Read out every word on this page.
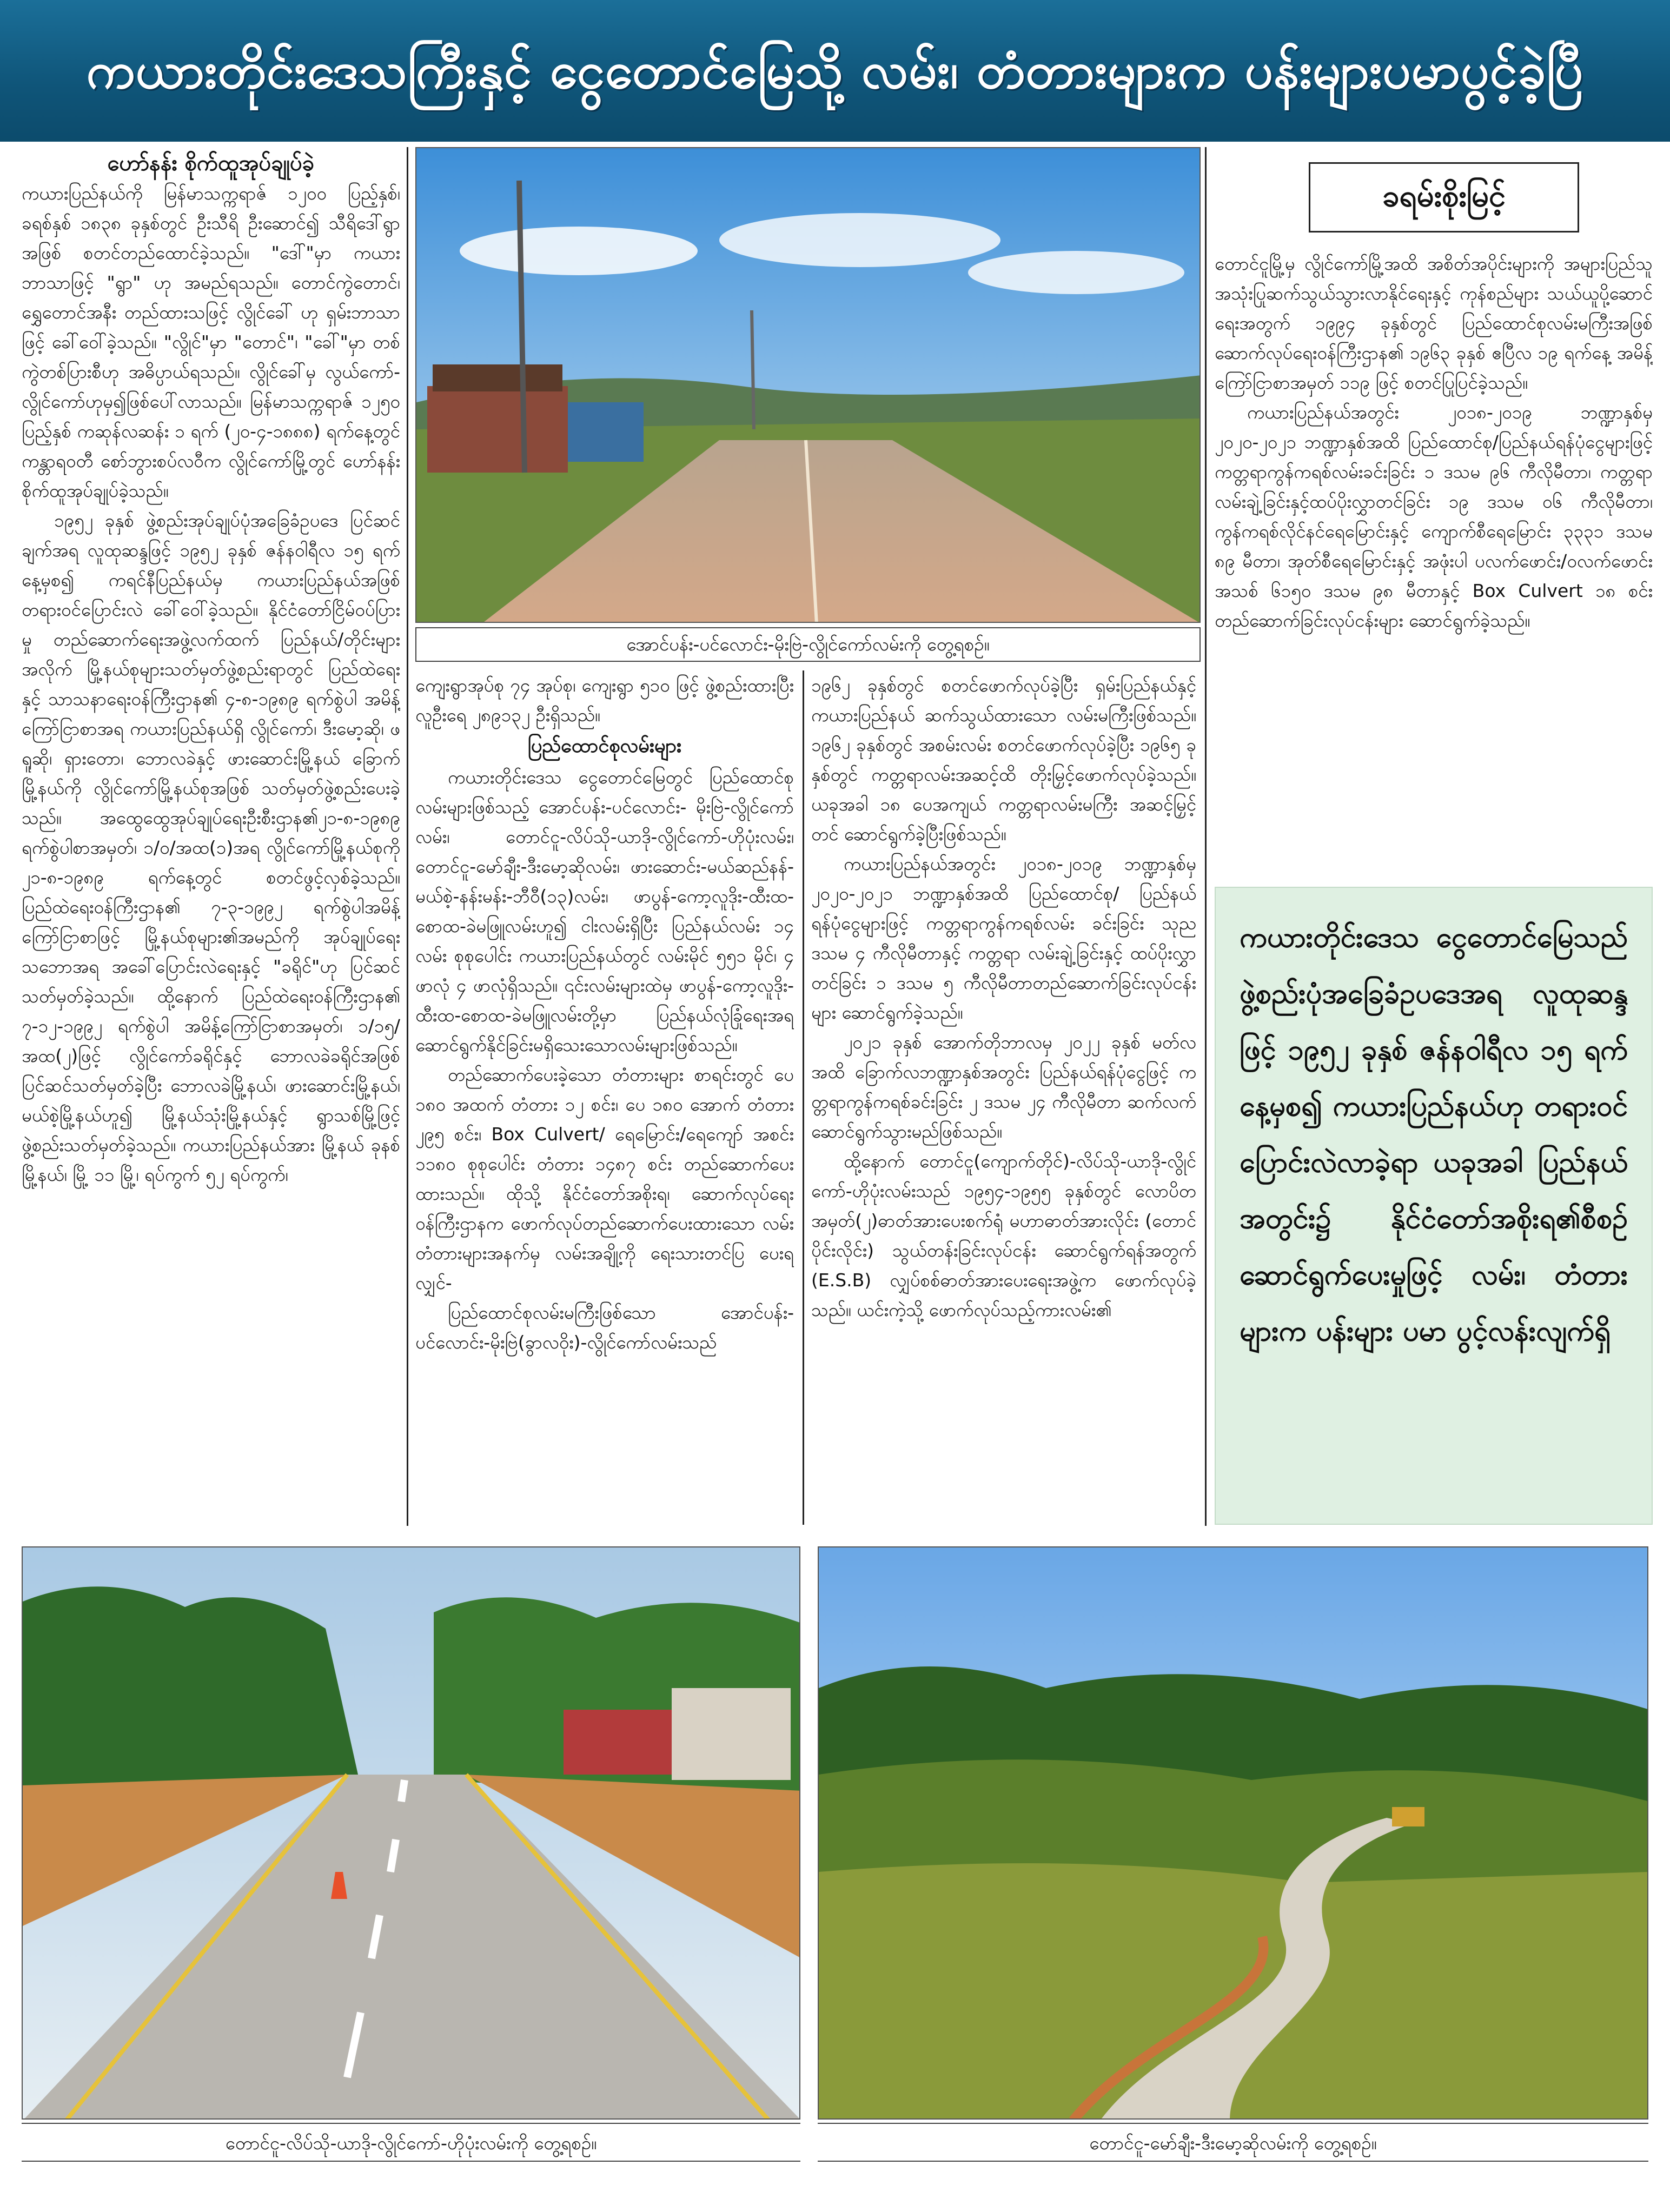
ကယားတိုင်းဒေသကြီးနှင့် ငွေတောင်မြေသို့ လမ်း၊ တံတားများက ပန်းများပမာပွင့်ခဲ့ပြီ
ဟော်နန်း စိုက်ထူအုပ်ချုပ်ခဲ့

ကယားပြည်နယ်ကို မြန်မာသက္ကရာဇ် ၁၂၀၀ ပြည့်နှစ်၊ ခရစ်နှစ် ၁၈၃၈ ခုနှစ်တွင် ဦးသီရိ ဦးဆောင်၍ သီရိဒေါ်ရွာအဖြစ် စတင်တည်ထောင်ခဲ့သည်။ "ဒေါ်"မှာ ကယားဘာသာဖြင့် "ရွာ" ဟု အမည်ရသည်။ တောင်ကွဲတောင်၊ ရွှေတောင်အနီး တည်ထားသဖြင့် လွိုင်ခေါ် ဟု ရှမ်းဘာသာဖြင့် ခေါ်ဝေါ်ခဲ့သည်။ "လွိုင်"မှာ "တောင်"၊ "ခေါ်"မှာ တစ်ကွဲတစ်ပြားစီဟု အဓိပ္ပာယ်ရသည်။ လွိုင်ခေါ်မှ လွယ်ကော်-လွိုင်ကော်ဟုမှ၍ဖြစ်ပေါ်လာသည်။ မြန်မာသက္ကရာဇ် ၁၂၅၀ ပြည့်နှစ် ကဆုန်လဆန်း ၁ ရက် (၂၀-၄-၁၈၈၈) ရက်နေ့တွင် ကန္တာရဝတီ စော်ဘွားစပ်လဝီက လွိုင်ကော်မြို့တွင် ဟော်နန်း စိုက်ထူအုပ်ချုပ်ခဲ့သည်။

၁၉၅၂ ခုနှစ် ဖွဲ့စည်းအုပ်ချုပ်ပုံအခြေခံဥပဒေ ပြင်ဆင်ချက်အရ လူထုဆန္ဒဖြင့် ၁၉၅၂ ခုနှစ် ဇန်နဝါရီလ ၁၅ ရက်နေ့မှစ၍ ကရင်နီပြည်နယ်မှ ကယားပြည်နယ်အဖြစ် တရားဝင်ပြောင်းလဲ ခေါ်ဝေါ်ခဲ့သည်။ နိုင်ငံတော်ငြိမ်ဝပ်ပြားမှု တည်ဆောက်ရေးအဖွဲ့လက်ထက် ပြည်နယ်/တိုင်းများအလိုက် မြို့နယ်စုများသတ်မှတ်ဖွဲ့စည်းရာတွင် ပြည်ထဲရေးနှင့် သာသနာရေးဝန်ကြီးဌာန၏ ၄-၈-၁၉၈၉ ရက်စွဲပါ အမိန့်ကြော်ငြာစာအရ ကယားပြည်နယ်ရှိ လွိုင်ကော်၊ ဒီးမော့ဆို၊ ဖရူဆို၊ ရှားတော၊ ဘောလခဲနှင့် ဖားဆောင်းမြို့နယ် ခြောက်မြို့နယ်ကို လွိုင်ကော်မြို့နယ်စုအဖြစ် သတ်မှတ်ဖွဲ့စည်းပေးခဲ့သည်။ အထွေထွေအုပ်ချုပ်ရေးဦးစီးဌာန၏၂၁-၈-၁၉၈၉ ရက်စွဲပါစာအမှတ်၊ ၁/၀/အထ(၁)အရ လွိုင်ကော်မြို့နယ်စုကို ၂၁-၈-၁၉၈၉ ရက်နေ့တွင် စတင်ဖွင့်လှစ်ခဲ့သည်။ ပြည်ထဲရေးဝန်ကြီးဌာန၏ ၇-၃-၁၉၉၂ ရက်စွဲပါအမိန့်ကြော်ငြာစာဖြင့် မြို့နယ်စုများ၏အမည်ကို အုပ်ချုပ်ရေးသဘောအရ အခေါ်ပြောင်းလဲရေးနှင့် "ခရိုင်"ဟု ပြင်ဆင်သတ်မှတ်ခဲ့သည်။ ထို့နောက် ပြည်ထဲရေးဝန်ကြီးဌာန၏ ၇-၁၂-၁၉၉၂ ရက်စွဲပါ အမိန့်ကြော်ငြာစာအမှတ်၊ ၁/၁၅/အထ(၂)ဖြင့် လွိုင်ကော်ခရိုင်နှင့် ဘောလခဲခရိုင်အဖြစ် ပြင်ဆင်သတ်မှတ်ခဲ့ပြီး ဘောလခဲမြို့နယ်၊ ဖားဆောင်းမြို့နယ်၊ မယ်စဲ့မြို့နယ်ဟူ၍ မြို့နယ်သုံးမြို့နယ်နှင့် ရွာသစ်မြို့ဖြင့် ဖွဲ့စည်းသတ်မှတ်ခဲ့သည်။ ကယားပြည်နယ်အား မြို့နယ် ခုနစ်မြို့နယ်၊ မြို့ ၁၁ မြို့၊ ရပ်ကွက် ၅၂ ရပ်ကွက်၊

အောင်ပန်း-ပင်လောင်း-မိုးဗြဲ-လွိုင်ကော်လမ်းကို တွေ့ရစဉ်။

ကျေးရွာအုပ်စု ၇၄ အုပ်စု၊ ကျေးရွာ ၅၁၀ ဖြင့် ဖွဲ့စည်းထားပြီး လူဦးရေ ၂၈၉၁၃၂ ဦးရှိသည်။

ပြည်ထောင်စုလမ်းများ

ကယားတိုင်းဒေသ ငွေတောင်မြေတွင် ပြည်ထောင်စုလမ်းများဖြစ်သည့် အောင်ပန်း-ပင်လောင်း- မိုးဗြဲ-လွိုင်ကော်လမ်း၊ တောင်ငူ-လိပ်သို-ယာဒို-လွိုင်ကော်-ဟိုပုံးလမ်း၊ တောင်ငူ-မော်ချီး-ဒီးမော့ဆိုလမ်း၊ ဖားဆောင်း-မယ်ဆည်နန်-မယ်စဲ့-နန်းမန်း-ဘီဝီ(၁၃)လမ်း၊ ဖာပွန်-ကော့လူဒိုး-ထီးထ-စောထ-ခဲမဖြူလမ်းဟူ၍ ငါးလမ်းရှိပြီး ပြည်နယ်လမ်း ၁၄ လမ်း စုစုပေါင်း ကယားပြည်နယ်တွင် လမ်းမိုင် ၅၅၁ မိုင်၊ ၄ ဖာလုံ ၄ ဖာလုံရှိသည်။ ၎င်းလမ်းများထဲမှ ဖာပွန်-ကော့လူဒိုး-ထီးထ-စောထ-ခဲမဖြူလမ်းတို့မှာ ပြည်နယ်လုံခြုံရေးအရ ဆောင်ရွက်နိုင်ခြင်းမရှိသေးသောလမ်းများဖြစ်သည်။

တည်ဆောက်ပေးခဲ့သော တံတားများ စာရင်းတွင် ပေ ၁၈၀ အထက် တံတား ၁၂ စင်း၊ ပေ ၁၈၀ အောက် တံတား ၂၉၅ စင်း၊ Box Culvert/ ရေမြောင်း/ရေကျော် အစင်း ၁၁၈၀ စုစုပေါင်း တံတား ၁၄၈၇ စင်း တည်ဆောက်ပေးထားသည်။ ထိုသို့ နိုင်ငံတော်အစိုးရ၊ ဆောက်လုပ်ရေးဝန်ကြီးဌာနက ဖောက်လုပ်တည်ဆောက်ပေးထားသော လမ်း တံတားများအနက်မှ လမ်းအချို့ကို ရေးသားတင်ပြ ပေးရလျှင်-

ပြည်ထောင်စုလမ်းမကြီးဖြစ်သော အောင်ပန်း-ပင်လောင်း-မိုးဗြဲ(ခွာလဝိုး)-လွိုင်ကော်လမ်းသည်

၁၉၆၂ ခုနှစ်တွင် စတင်ဖောက်လုပ်ခဲ့ပြီး ရှမ်းပြည်နယ်နှင့် ကယားပြည်နယ် ဆက်သွယ်ထားသော လမ်းမကြီးဖြစ်သည်။ ၁၉၆၂ ခုနှစ်တွင် အစမ်းလမ်း စတင်ဖောက်လုပ်ခဲ့ပြီး ၁၉၆၅ ခုနှစ်တွင် ကတ္တရာလမ်းအဆင့်ထိ တိုးမြှင့်ဖောက်လုပ်ခဲ့သည်။ ယခုအခါ ၁၈ ပေအကျယ် ကတ္တရာလမ်းမကြီး အဆင့်မြှင့်တင် ဆောင်ရွက်ခဲ့ပြီးဖြစ်သည်။

ကယားပြည်နယ်အတွင်း ၂၀၁၈-၂၀၁၉ ဘဏ္ဍာနှစ်မှ ၂၀၂၀-၂၀၂၁ ဘဏ္ဍာနှစ်အထိ ပြည်ထောင်စု/ ပြည်နယ်ရန်ပုံငွေများဖြင့် ကတ္တရာကွန်ကရစ်လမ်း ခင်းခြင်း သုည ဒသမ ၄ ကီလိုမီတာနှင့် ကတ္တရာ လမ်းချဲ့ခြင်းနှင့် ထပ်ပိုးလွှာတင်ခြင်း ၁ ဒသမ ၅ ကီလိုမီတာတည်ဆောက်ခြင်းလုပ်ငန်းများ ဆောင်ရွက်ခဲ့သည်။

၂၀၂၁ ခုနှစ် အောက်တိုဘာလမှ ၂၀၂၂ ခုနှစ် မတ်လအထိ ခြောက်လဘဏ္ဍာနှစ်အတွင်း ပြည်နယ်ရန်ပုံငွေဖြင့် ကတ္တရာကွန်ကရစ်ခင်းခြင်း ၂ ဒသမ ၂၄ ကီလိုမီတာ ဆက်လက်ဆောင်ရွက်သွားမည်ဖြစ်သည်။

ထို့နောက် တောင်ငူ(ကျောက်တိုင်)-လိပ်သို-ယာဒို-လွိုင်ကော်-ဟိုပုံးလမ်းသည် ၁၉၅၄-၁၉၅၅ ခုနှစ်တွင် လောပိတအမှတ်(၂)ဓာတ်အားပေးစက်ရုံ မဟာဓာတ်အားလိုင်း (တောင်ပိုင်းလိုင်း) သွယ်တန်းခြင်းလုပ်ငန်း ဆောင်ရွက်ရန်အတွက် (E.S.B) လျှပ်စစ်ဓာတ်အားပေးရေးအဖွဲ့က ဖောက်လုပ်ခဲ့သည်။ ယင်းကဲ့သို့ ဖောက်လုပ်သည့်ကားလမ်း၏

ခရမ်းစိုးမြင့်

တောင်ငူမြို့မှ လွိုင်ကော်မြို့အထိ အစိတ်အပိုင်းများကို အများပြည်သူအသုံးပြုဆက်သွယ်သွားလာနိုင်ရေးနှင့် ကုန်စည်များ သယ်ယူပို့ဆောင်ရေးအတွက် ၁၉၉၄ ခုနှစ်တွင် ပြည်ထောင်စုလမ်းမကြီးအဖြစ် ဆောက်လုပ်ရေးဝန်ကြီးဌာန၏ ၁၉၆၃ ခုနှစ် ဧပြီလ ၁၉ ရက်နေ့ အမိန့်ကြော်ငြာစာအမှတ် ၁၁၉ ဖြင့် စတင်ပြုပြင်ခဲ့သည်။

ကယားပြည်နယ်အတွင်း ၂၀၁၈-၂၀၁၉ ဘဏ္ဍာနှစ်မှ ၂၀၂၀-၂၀၂၁ ဘဏ္ဍာနှစ်အထိ ပြည်ထောင်စု/ပြည်နယ်ရန်ပုံငွေများဖြင့် ကတ္တရာကွန်ကရစ်လမ်းခင်းခြင်း ၁ ဒသမ ၉၆ ကီလိုမီတာ၊ ကတ္တရာလမ်းချဲ့ခြင်းနှင့်ထပ်ပိုးလွှာတင်ခြင်း ၁၉ ဒသမ ၀၆ ကီလိုမီတာ၊ ကွန်ကရစ်လိုင်နင်ရေမြောင်းနှင့် ကျောက်စီရေမြောင်း ၃၃၃၁ ဒသမ ၈၉ မီတာ၊ အုတ်စီရေမြောင်းနှင့် အဖုံးပါ ပလက်ဖောင်း/ဝလက်ဖောင်းအသစ် ၆၁၅၀ ဒသမ ၉၈ မီတာနှင့် Box Culvert ၁၈ စင်း တည်ဆောက်ခြင်းလုပ်ငန်းများ ဆောင်ရွက်ခဲ့သည်။

ကယားတိုင်းဒေသ ငွေတောင်မြေသည် ဖွဲ့စည်းပုံအခြေခံဥပဒေအရ လူထုဆန္ဒဖြင့် ၁၉၅၂ ခုနှစ် ဇန်နဝါရီလ ၁၅ ရက်နေ့မှစ၍ ကယားပြည်နယ်ဟု တရားဝင်ပြောင်းလဲလာခဲ့ရာ ယခုအခါ ပြည်နယ်အတွင်း၌ နိုင်ငံတော်အစိုးရ၏စီစဉ်ဆောင်ရွက်ပေးမှုဖြင့် လမ်း၊ တံတားများက ပန်းများ ပမာ ပွင့်လန်းလျက်ရှိ
တောင်ငူ-လိပ်သို-ယာဒို-လွိုင်ကော်-ဟိုပုံးလမ်းကို တွေ့ရစဉ်။	တောင်ငူ-မော်ချီး-ဒီးမော့ဆိုလမ်းကို တွေ့ရစဉ်။
